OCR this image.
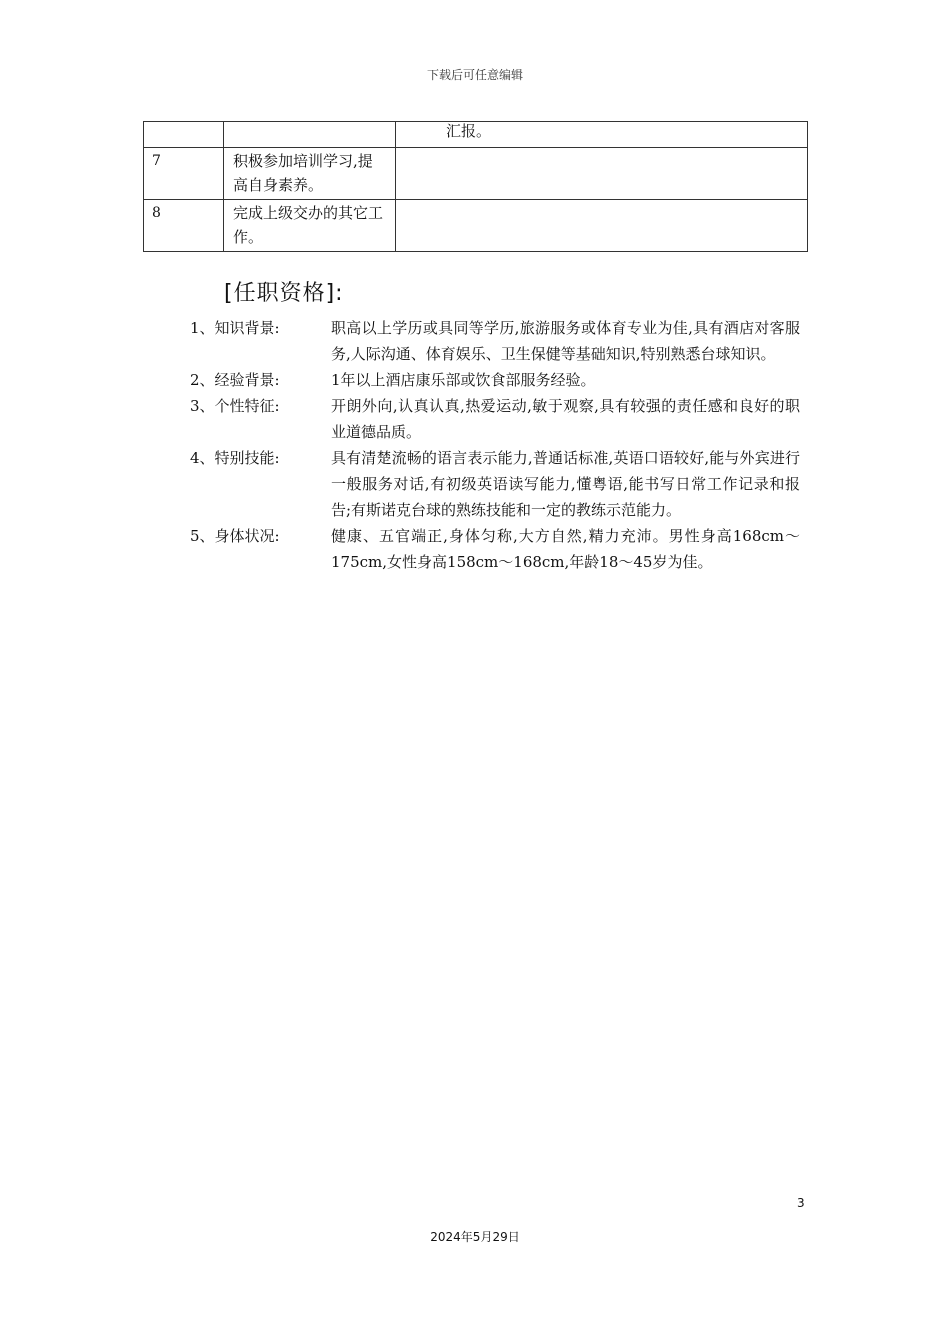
下载后可任意编辑
		汇报。
7	积极参加培训学习,提高自身素养。	
8	完成上级交办的其它工作。	
[任职资格]:
1、知识背景:	职高以上学历或具同等学历,旅游服务或体育专业为佳,具有酒店对客服务,人际沟通、体育娱乐、卫生保健等基础知识,特别熟悉台球知识。
2、经验背景:	1年以上酒店康乐部或饮食部服务经验。
3、个性特征:	开朗外向,认真认真,热爱运动,敏于观察,具有较强的责任感和良好的职业道德品质。
4、特别技能:	具有清楚流畅的语言表示能力,普通话标准,英语口语较好,能与外宾进行一般服务对话,有初级英语读写能力,懂粤语,能书写日常工作记录和报告;有斯诺克台球的熟练技能和一定的教练示范能力。
5、身体状况:	健康、五官端正,身体匀称,大方自然,精力充沛。男性身高168cm～175cm,女性身高158cm～168cm,年龄18～45岁为佳。
3
2024年5月29日
